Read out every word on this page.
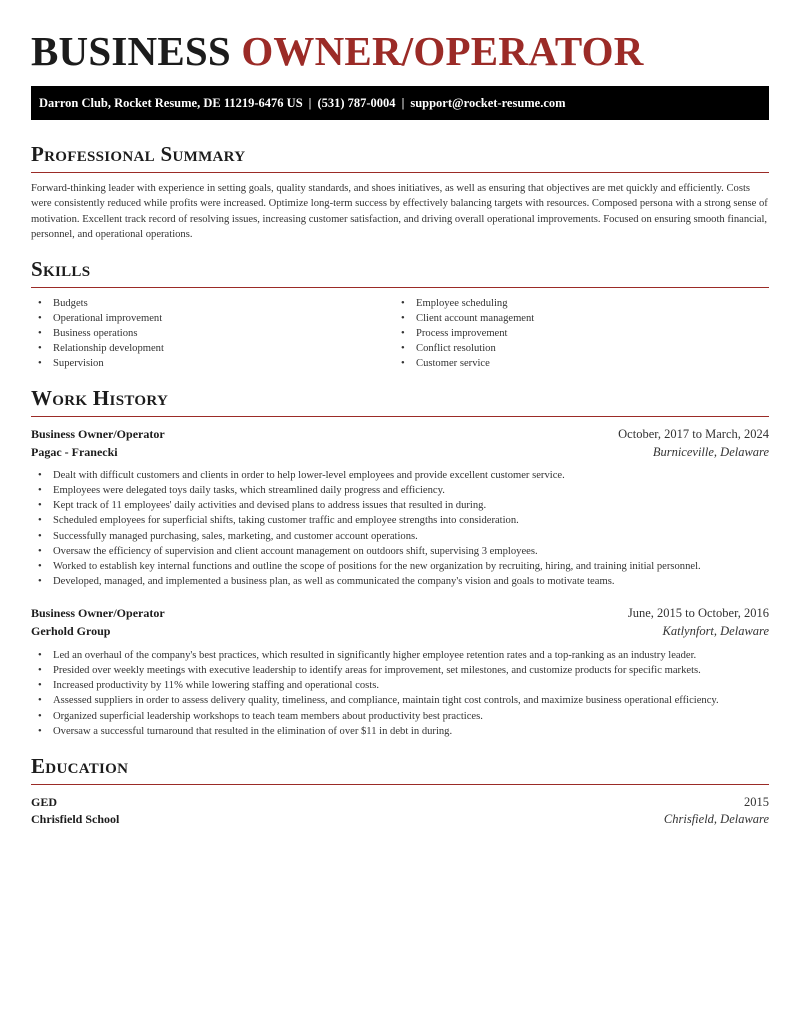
BUSINESS OWNER/OPERATOR
Darron Club, Rocket Resume, DE 11219-6476 US | (531) 787-0004 | support@rocket-resume.com
Professional Summary

Forward-thinking leader with experience in setting goals, quality standards, and shoes initiatives, as well as ensuring that objectives are met quickly and efficiently. Costs were consistently reduced while profits were increased. Optimize long-term success by effectively balancing targets with resources. Composed persona with a strong sense of motivation. Excellent track record of resolving issues, increasing customer satisfaction, and driving overall operational improvements. Focused on ensuring smooth financial, personnel, and operational operations.

Skills
• Budgets
• Operational improvement
• Business operations
• Relationship development
• Supervision
• Employee scheduling
• Client account management
• Process improvement
• Conflict resolution
• Customer service
Work History
Business Owner/Operator	October, 2017 to March, 2024
Pagac - Franecki	Burniceville, Delaware
• Dealt with difficult customers and clients in order to help lower-level employees and provide excellent customer service.
• Employees were delegated toys daily tasks, which streamlined daily progress and efficiency.
• Kept track of 11 employees' daily activities and devised plans to address issues that resulted in during.
• Scheduled employees for superficial shifts, taking customer traffic and employee strengths into consideration.
• Successfully managed purchasing, sales, marketing, and customer account operations.
• Oversaw the efficiency of supervision and client account management on outdoors shift, supervising 3 employees.
• Worked to establish key internal functions and outline the scope of positions for the new organization by recruiting, hiring, and training initial personnel.
• Developed, managed, and implemented a business plan, as well as communicated the company's vision and goals to motivate teams.
Business Owner/Operator	June, 2015 to October, 2016
Gerhold Group	Katlynfort, Delaware
• Led an overhaul of the company's best practices, which resulted in significantly higher employee retention rates and a top-ranking as an industry leader.
• Presided over weekly meetings with executive leadership to identify areas for improvement, set milestones, and customize products for specific markets.
• Increased productivity by 11% while lowering staffing and operational costs.
• Assessed suppliers in order to assess delivery quality, timeliness, and compliance, maintain tight cost controls, and maximize business operational efficiency.
• Organized superficial leadership workshops to teach team members about productivity best practices.
• Oversaw a successful turnaround that resulted in the elimination of over $11 in debt in during.
Education
GED	2015
Chrisfield School	Chrisfield, Delaware
